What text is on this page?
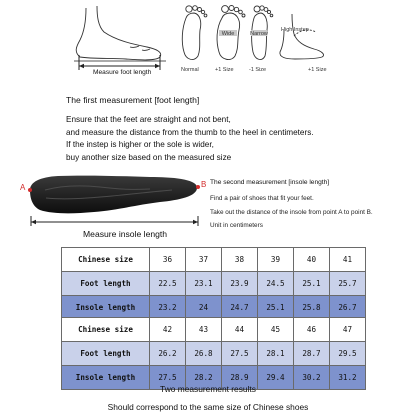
Wide	Narrow
High Instep
Normal	+1 Size	-1 Size	+1 Size
Measure foot length
The first measurement [foot length]
Ensure that the feet are straight and not bent,
and measure the distance from the thumb to the heel in centimeters.
If the instep is higher or the sole is wider,
buy another size based on the measured size
A	B
Measure insole length
The second measurement [insole length]
Find a pair of shoes that fit your feet.
Take out the distance of the insole from point A to point B.
Unit in centimeters
Chinese size	36	37	38	39	40	41
Foot length	22.5	23.1	23.9	24.5	25.1	25.7
Insole length	23.2	24	24.7	25.1	25.8	26.7
Chinese size	42	43	44	45	46	47
Foot length	26.2	26.8	27.5	28.1	28.7	29.5
Insole length	27.5	28.2	28.9	29.4	30.2	31.2
Two measurement results
Should correspond to the same size of Chinese shoes
